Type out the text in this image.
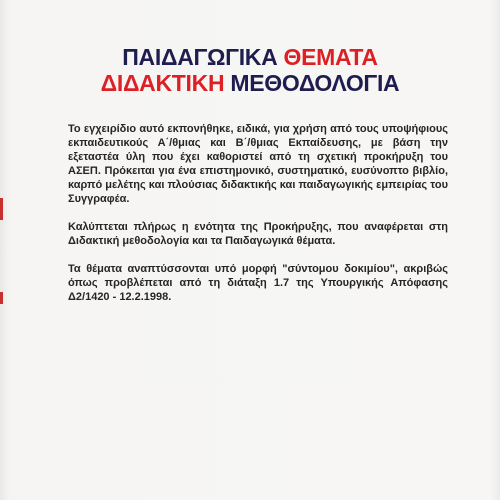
ΠΑΙΔΑΓΩΓΙΚΑ ΘΕΜΑΤΑ
ΔΙΔΑΚΤΙΚΗ ΜΕΘΟΔΟΛΟΓΙΑ

Το εγχειρίδιο αυτό εκπονήθηκε, ειδικά, για χρήση από τους υποψήφιους εκπαιδευτικούς Α΄/θμιας και Β΄/θμιας Εκπαίδευσης, με βάση την εξεταστέα ύλη που έχει καθοριστεί από τη σχετική προκήρυξη του ΑΣΕΠ. Πρόκειται για ένα επιστημονικό, συστηματικό, ευσύνοπτο βιβλίο, καρπό μελέτης και πλούσιας διδακτικής και παιδαγωγικής εμπειρίας του Συγγραφέα.

Καλύπτεται πλήρως η ενότητα της Προκήρυξης, που αναφέρεται στη Διδακτική μεθοδολογία και τα Παιδαγωγικά θέματα.

Τα θέματα αναπτύσσονται υπό μορφή "σύντομου δοκιμίου", ακριβώς όπως προβλέπεται από τη διάταξη 1.7 της Υπουργικής Απόφασης Δ2/1420 - 12.2.1998.
